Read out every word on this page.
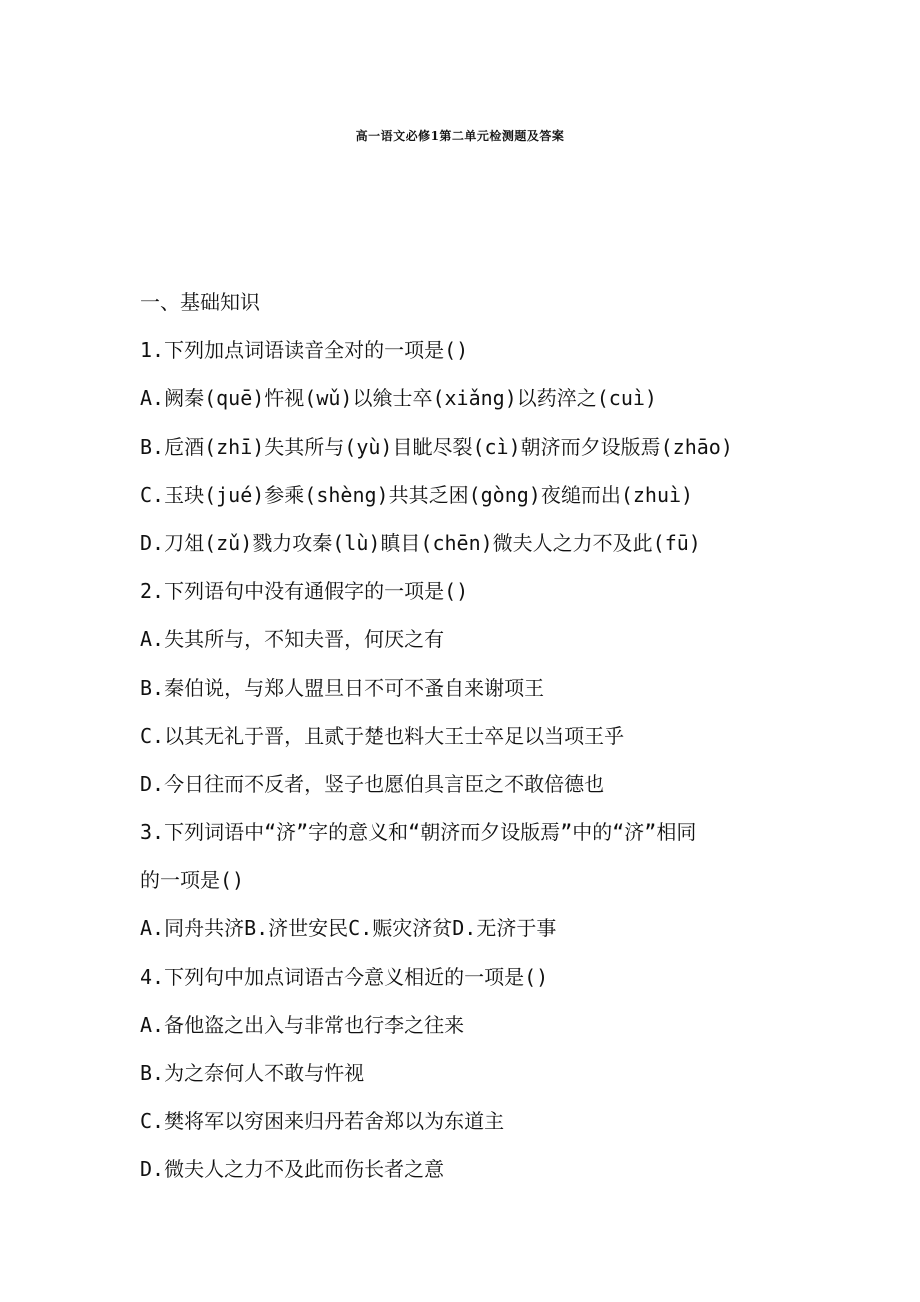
高一语文必修1第二单元检测题及答案
一、基础知识
1.下列加点词语读音全对的一项是()
A.阙秦(quē)忤视(wǔ)以飨士卒(xiǎng)以药淬之(cuì)
B.卮酒(zhī)失其所与(yù)目眦尽裂(cì)朝济而夕设版焉(zhāo)
C.玉玦(jué)参乘(shèng)共其乏困(gòng)夜缒而出(zhuì)
D.刀俎(zǔ)戮力攻秦(lù)瞋目(chēn)微夫人之力不及此(fū)
2.下列语句中没有通假字的一项是()
A.失其所与，不知夫晋，何厌之有
B.秦伯说，与郑人盟旦日不可不蚤自来谢项王
C.以其无礼于晋，且贰于楚也料大王士卒足以当项王乎
D.今日往而不反者，竖子也愿伯具言臣之不敢倍德也
3.下列词语中“济”字的意义和“朝济而夕设版焉”中的“济”相同
的一项是()
A.同舟共济B.济世安民C.赈灾济贫D.无济于事
4.下列句中加点词语古今意义相近的一项是()
A.备他盗之出入与非常也行李之往来
B.为之奈何人不敢与忤视
C.樊将军以穷困来归丹若舍郑以为东道主
D.微夫人之力不及此而伤长者之意
